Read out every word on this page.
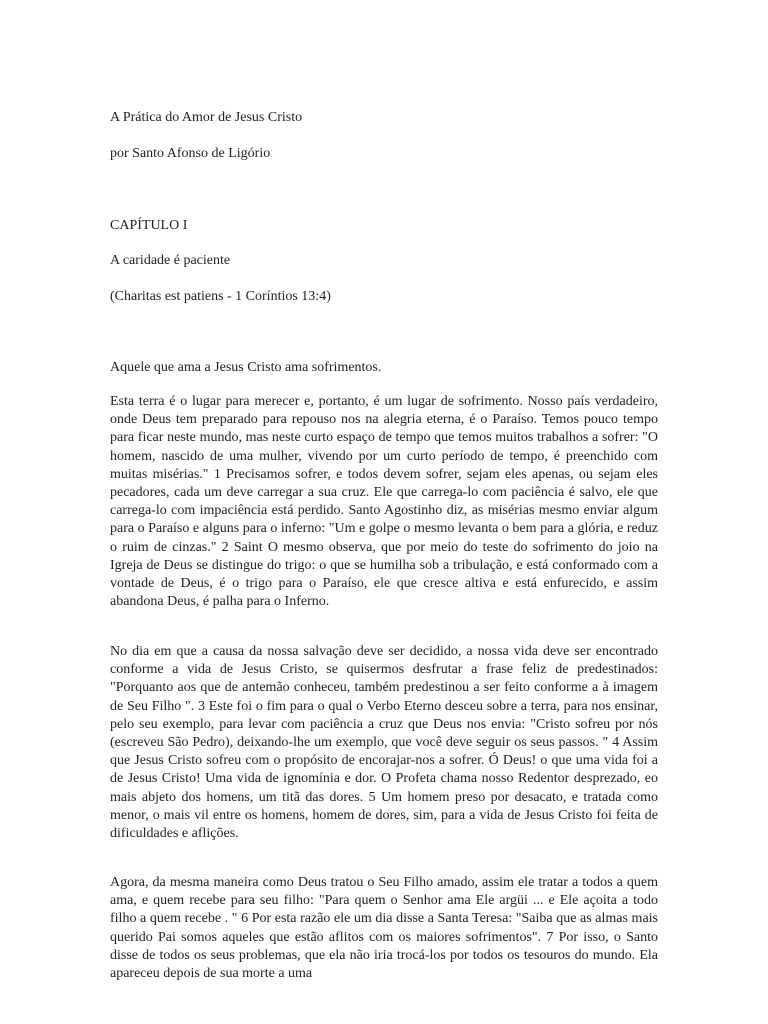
A Prática do Amor de Jesus Cristo

por Santo Afonso de Ligório

CAPÍTULO I

A caridade é paciente

(Charitas est patiens - 1 Coríntios 13:4)

Aquele que ama a Jesus Cristo ama sofrimentos.

Esta terra é o lugar para merecer e, portanto, é um lugar de sofrimento. Nosso país verdadeiro, onde Deus tem preparado para repouso nos na alegria eterna, é o Paraíso. Temos pouco tempo para ficar neste mundo, mas neste curto espaço de tempo que temos muitos trabalhos a sofrer: "O homem, nascido de uma mulher, vivendo por um curto período de tempo, é preenchido com muitas misérias." 1 Precisamos sofrer, e todos devem sofrer, sejam eles apenas, ou sejam eles pecadores, cada um deve carregar a sua cruz. Ele que carrega-lo com paciência é salvo, ele que carrega-lo com impaciência está perdido. Santo Agostinho diz, as misérias mesmo enviar algum para o Paraíso e alguns para o inferno: "Um e golpe o mesmo levanta o bem para a glória, e reduz o ruim de cinzas." 2 Saint O mesmo observa, que por meio do teste do sofrimento do joio na Igreja de Deus se distingue do trigo: o que se humilha sob a tribulação, e está conformado com a vontade de Deus, é o trigo para o Paraíso, ele que cresce altiva e está enfurecido, e assim abandona Deus, é palha para o Inferno.

No dia em que a causa da nossa salvação deve ser decidido, a nossa vida deve ser encontrado conforme a vida de Jesus Cristo, se quisermos desfrutar a frase feliz de predestinados: "Porquanto aos que de antemão conheceu, também predestinou a ser feito conforme a à imagem de Seu Filho ". 3 Este foi o fim para o qual o Verbo Eterno desceu sobre a terra, para nos ensinar, pelo seu exemplo, para levar com paciência a cruz que Deus nos envia: "Cristo sofreu por nós (escreveu São Pedro), deixando-lhe um exemplo, que você deve seguir os seus passos. " 4 Assim que Jesus Cristo sofreu com o propósito de encorajar-nos a sofrer. Ó Deus! o que uma vida foi a de Jesus Cristo! Uma vida de ignomínia e dor. O Profeta chama nosso Redentor desprezado, eo mais abjeto dos homens, um titã das dores. 5 Um homem preso por desacato, e tratada como menor, o mais vil entre os homens, homem de dores, sim, para a vida de Jesus Cristo foi feita de dificuldades e aflições.

Agora, da mesma maneira como Deus tratou o Seu Filho amado, assim ele tratar a todos a quem ama, e quem recebe para seu filho: "Para quem o Senhor ama Ele argüi ... e Ele açoita a todo filho a quem recebe . " 6 Por esta razão ele um dia disse a Santa Teresa: "Saiba que as almas mais querido Pai somos aqueles que estão aflitos com os maiores sofrimentos". 7 Por isso, o Santo disse de todos os seus problemas, que ela não iria trocá-los por todos os tesouros do mundo. Ela apareceu depois de sua morte a uma
